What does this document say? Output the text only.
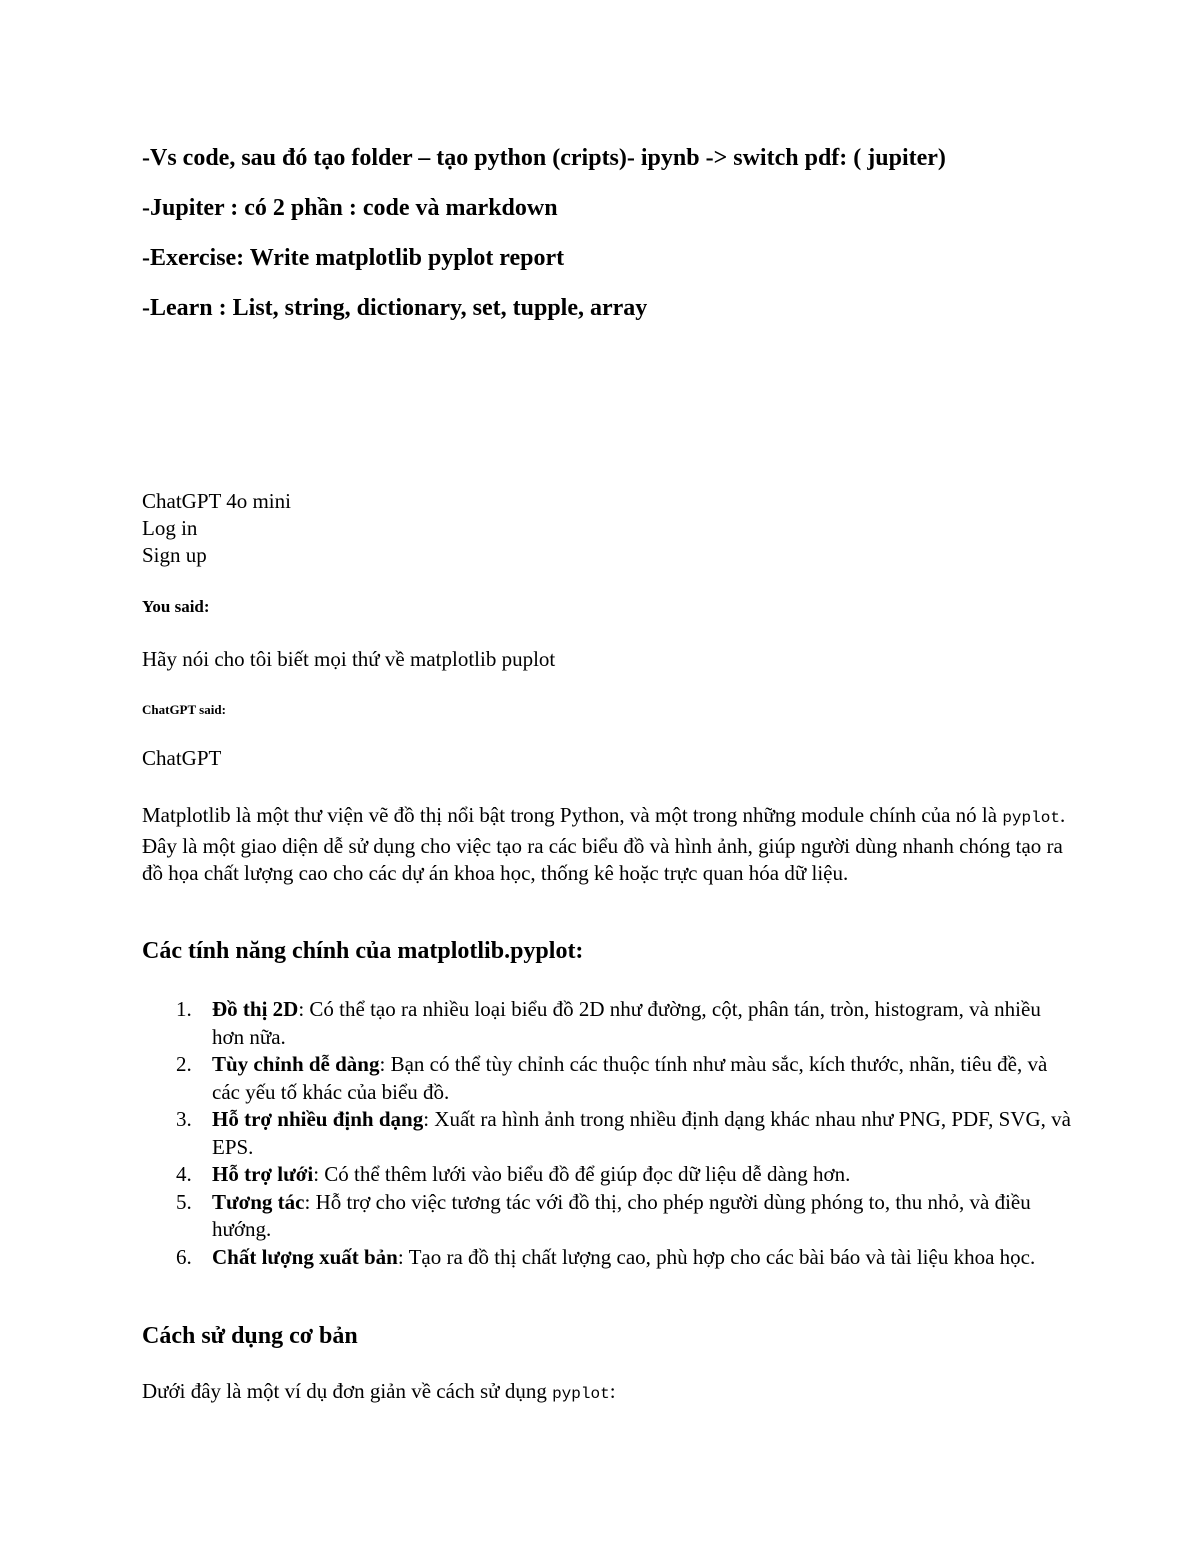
-Vs code, sau đó tạo folder – tạo python (cripts)- ipynb -> switch pdf: ( jupiter)
-Jupiter : có 2 phần : code và markdown
-Exercise: Write matplotlib pyplot report
-Learn : List, string, dictionary, set, tupple, array
ChatGPT 4o mini
Log in
Sign up
You said:
Hãy nói cho tôi biết mọi thứ về matplotlib puplot
ChatGPT said:
ChatGPT

Matplotlib là một thư viện vẽ đồ thị nổi bật trong Python, và một trong những module chính của nó là pyplot. Đây là một giao diện dễ sử dụng cho việc tạo ra các biểu đồ và hình ảnh, giúp người dùng nhanh chóng tạo ra đồ họa chất lượng cao cho các dự án khoa học, thống kê hoặc trực quan hóa dữ liệu.

Các tính năng chính của matplotlib.pyplot:
1. Đồ thị 2D: Có thể tạo ra nhiều loại biểu đồ 2D như đường, cột, phân tán, tròn, histogram, và nhiều hơn nữa.
2. Tùy chỉnh dễ dàng: Bạn có thể tùy chỉnh các thuộc tính như màu sắc, kích thước, nhãn, tiêu đề, và các yếu tố khác của biểu đồ.
3. Hỗ trợ nhiều định dạng: Xuất ra hình ảnh trong nhiều định dạng khác nhau như PNG, PDF, SVG, và EPS.
4. Hỗ trợ lưới: Có thể thêm lưới vào biểu đồ để giúp đọc dữ liệu dễ dàng hơn.
5. Tương tác: Hỗ trợ cho việc tương tác với đồ thị, cho phép người dùng phóng to, thu nhỏ, và điều hướng.
6. Chất lượng xuất bản: Tạo ra đồ thị chất lượng cao, phù hợp cho các bài báo và tài liệu khoa học.
Cách sử dụng cơ bản

Dưới đây là một ví dụ đơn giản về cách sử dụng pyplot:
